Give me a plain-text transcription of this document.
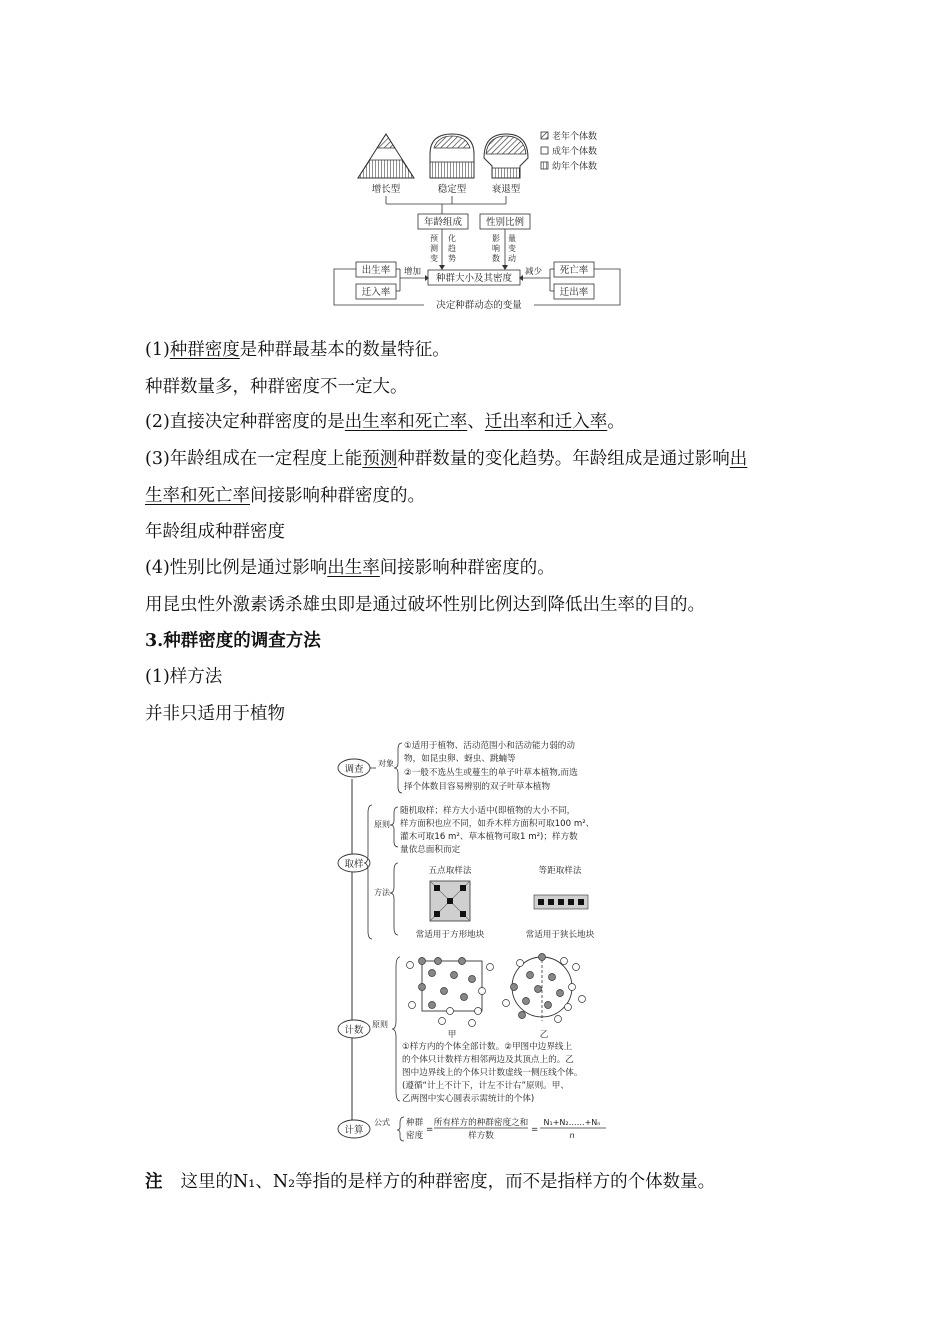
老年个体数
成年个体数
幼年个体数
增长型	稳定型	衰退型
年龄组成	性别比例
预测变 化趋势
影响数 量变动
种群大小及其密度
出生率
迁入率
增加	死亡率
迁出率
减少
决定种群动态的变量
(1)种群密度是种群最基本的数量特征。
种群数量多，种群密度不一定大。
(2)直接决定种群密度的是出生率和死亡率、迁出率和迁入率。
(3)年龄组成在一定程度上能预测种群数量的变化趋势。年龄组成是通过影响出
生率和死亡率间接影响种群密度的。
年龄组成种群密度
(4)性别比例是通过影响出生率间接影响种群密度的。
用昆虫性外激素诱杀雄虫即是通过破坏性别比例达到降低出生率的目的。
3.种群密度的调查方法
(1)样方法
并非只适用于植物
调查
对象
①适用于植物、活动范围小和活动能力弱的动
物，如昆虫卵、蚜虫、跳蝻等
②一般不选丛生或蔓生的单子叶草本植物,而选
择个体数目容易辨别的双子叶草本植物
取样
原则
随机取样；样方大小适中(即植物的大小不同，
样方面积也应不同，如乔木样方面积可取100 m²、
灌木可取16 m²、草本植物可取1 m²)；样方数
量依总面积而定
方法
五点取样法	等距取样法
常适用于方形地块	常适用于狭长地块
计数
原则
甲	乙
①样方内的个体全部计数。②甲图中边界线上
的个体只计数样方相邻两边及其顶点上的。乙
图中边界线上的个体只计数虚线一侧压线个体。
(遵循“计上不计下，计左不计右”原则。甲、
乙两图中实心圆表示需统计的个体)
计算
公式 种群
密度
=
所有样方的种群密度之和
样方数
=
N₁+N₂……+Nₙ
n
注 这里的N₁、N₂等指的是样方的种群密度，而不是指样方的个体数量。
